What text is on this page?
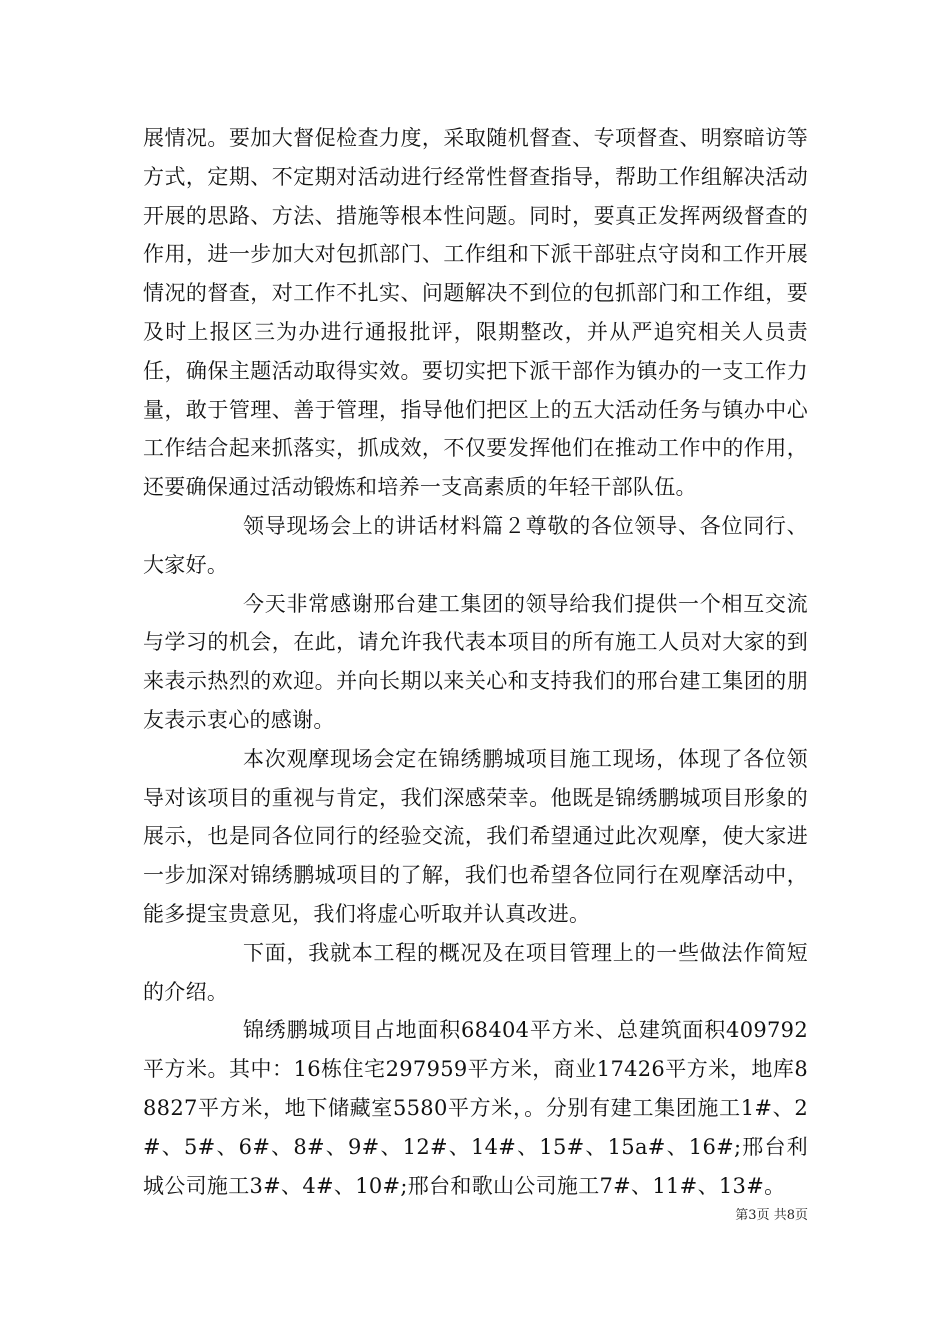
展情况。要加大督促检查力度，采取随机督查、专项督查、明察暗访等方式，定期、不定期对活动进行经常性督查指导，帮助工作组解决活动开展的思路、方法、措施等根本性问题。同时，要真正发挥两级督查的作用，进一步加大对包抓部门、工作组和下派干部驻点守岗和工作开展情况的督查，对工作不扎实、问题解决不到位的包抓部门和工作组，要及时上报区三为办进行通报批评，限期整改，并从严追究相关人员责任，确保主题活动取得实效。要切实把下派干部作为镇办的一支工作力量，敢于管理、善于管理，指导他们把区上的五大活动任务与镇办中心工作结合起来抓落实，抓成效，不仅要发挥他们在推动工作中的作用，还要确保通过活动锻炼和培养一支高素质的年轻干部队伍。

领导现场会上的讲话材料篇２尊敬的各位领导、各位同行、大家好。

今天非常感谢邢台建工集团的领导给我们提供一个相互交流与学习的机会，在此，请允许我代表本项目的所有施工人员对大家的到来表示热烈的欢迎。并向长期以来关心和支持我们的邢台建工集团的朋友表示衷心的感谢。

本次观摩现场会定在锦绣鹏城项目施工现场，体现了各位领导对该项目的重视与肯定，我们深感荣幸。他既是锦绣鹏城项目形象的展示，也是同各位同行的经验交流，我们希望通过此次观摩，使大家进一步加深对锦绣鹏城项目的了解，我们也希望各位同行在观摩活动中，能多提宝贵意见，我们将虚心听取并认真改进。

下面，我就本工程的概况及在项目管理上的一些做法作简短的介绍。

锦绣鹏城项目占地面积68404平方米、总建筑面积409792平方米。其中：16栋住宅297959平方米，商业17426平方米，地库88827平方米，地下储藏室5580平方米，。分别有建工集团施工1#、2#、5#、6#、8#、9#、12#、14#、15#、15a#、16#;邢台利城公司施工3#、4#、10#;邢台和歌山公司施工7#、11#、13#。

第3页 共8页
